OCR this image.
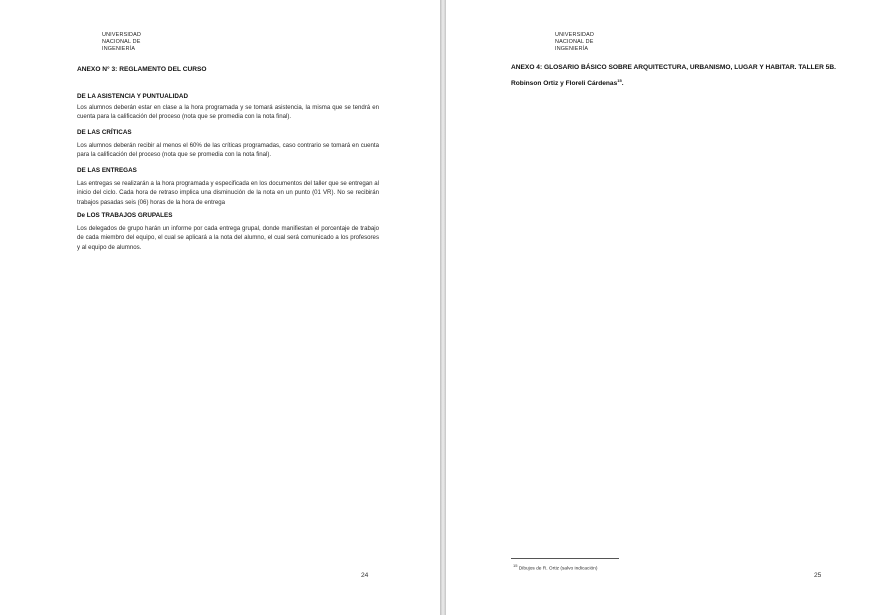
UNIVERSIDAD
NACIONAL DE
INGENIERÍA
ANEXO N° 3: REGLAMENTO DEL CURSO
DE LA ASISTENCIA Y PUNTUALIDAD
Los alumnos deberán estar en clase a la hora programada y se tomará asistencia, la misma que se tendrá en cuenta para la calificación del proceso (nota que se promedia con la nota final).
DE LAS CRÍTICAS
Los alumnos deberán recibir al menos el 60% de las críticas programadas, caso contrario se tomará en cuenta para la calificación del proceso (nota que se promedia con la nota final).
DE LAS ENTREGAS
Las entregas se realizarán a la hora programada y especificada en los documentos del taller que se entregan al inicio del ciclo. Cada hora de retraso implica una disminución de la nota en un punto (01 VR). No se recibirán trabajos pasadas seis (06) horas de la hora de entrega
De LOS TRABAJOS GRUPALES
Los delegados de grupo harán un informe por cada entrega grupal, donde manifiestan el porcentaje de trabajo de cada miembro del equipo, el cual se aplicará a la nota del alumno, el cual será comunicado a los profesores y al equipo de alumnos.
24	25
UNIVERSIDAD
NACIONAL DE
INGENIERÍA
ANEXO 4: GLOSARIO BÁSICO SOBRE ARQUITECTURA, URBANISMO, LUGAR Y HABITAR. TALLER 5B.
Robinson Ortiz y Floreli Cárdenas$^{15}$.
$^{15}$ Dibujos de R. Ortiz (salvo indicación)
